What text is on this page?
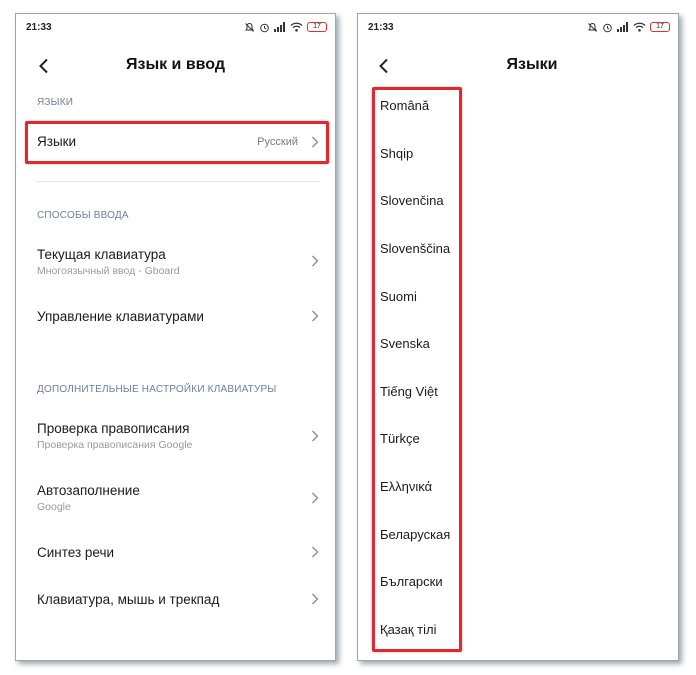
21:33	17
Язык и ввод
ЯЗЫКИ
Языки	Русский
СПОСОБЫ ВВОДА
Текущая клавиатура
Многоязычный ввод - Gboard
Управление клавиатурами
ДОПОЛНИТЕЛЬНЫЕ НАСТРОЙКИ КЛАВИАТУРЫ
Проверка правописания
Проверка правописания Google
Автозаполнение
Google
Синтез речи
Клавиатура, мышь и трекпад
21:33	17
Языки
Română
Shqip
Slovenčina
Slovenščina
Suomi
Svenska
Tiếng Việt
Türkçe
Ελληνικά
Беларуская
Български
Қазақ тілі
